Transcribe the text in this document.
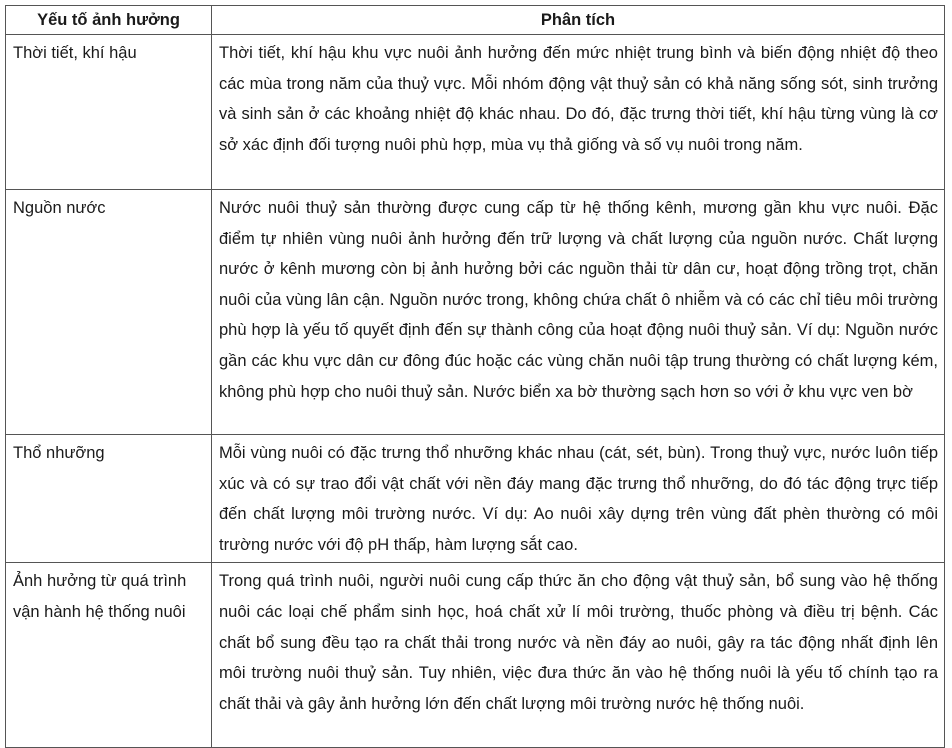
Yếu tố ảnh hưởng	Phân tích
Thời tiết, khí hậu	Thời tiết, khí hậu khu vực nuôi ảnh hưởng đến mức nhiệt trung bình và biến động nhiệt độ theo các mùa trong năm của thuỷ vực. Mỗi nhóm động vật thuỷ sản có khả năng sống sót, sinh trưởng và sinh sản ở các khoảng nhiệt độ khác nhau. Do đó, đặc trưng thời tiết, khí hậu từng vùng là cơ sở xác định đối tượng nuôi phù hợp, mùa vụ thả giống và số vụ nuôi trong năm.
Nguồn nước	Nước nuôi thuỷ sản thường được cung cấp từ hệ thống kênh, mương gần khu vực nuôi. Đặc điểm tự nhiên vùng nuôi ảnh hưởng đến trữ lượng và chất lượng của nguồn nước. Chất lượng nước ở kênh mương còn bị ảnh hưởng bởi các nguồn thải từ dân cư, hoạt động trồng trọt, chăn nuôi của vùng lân cận. Nguồn nước trong, không chứa chất ô nhiễm và có các chỉ tiêu môi trường phù hợp là yếu tố quyết định đến sự thành công của hoạt động nuôi thuỷ sản. Ví dụ: Nguồn nước gần các khu vực dân cư đông đúc hoặc các vùng chăn nuôi tập trung thường có chất lượng kém, không phù hợp cho nuôi thuỷ sản. Nước biển xa bờ thường sạch hơn so với ở khu vực ven bờ
Thổ nhưỡng	Mỗi vùng nuôi có đặc trưng thổ nhưỡng khác nhau (cát, sét, bùn). Trong thuỷ vực, nước luôn tiếp xúc và có sự trao đổi vật chất với nền đáy mang đặc trưng thổ nhưỡng, do đó tác động trực tiếp đến chất lượng môi trường nước. Ví dụ: Ao nuôi xây dựng trên vùng đất phèn thường có môi trường nước với độ pH thấp, hàm lượng sắt cao.
Ảnh hưởng từ quá trình vận hành hệ thống nuôi	Trong quá trình nuôi, người nuôi cung cấp thức ăn cho động vật thuỷ sản, bổ sung vào hệ thống nuôi các loại chế phẩm sinh học, hoá chất xử lí môi trường, thuốc phòng và điều trị bệnh. Các chất bổ sung đều tạo ra chất thải trong nước và nền đáy ao nuôi, gây ra tác động nhất định lên môi trường nuôi thuỷ sản. Tuy nhiên, việc đưa thức ăn vào hệ thống nuôi là yếu tố chính tạo ra chất thải và gây ảnh hưởng lớn đến chất lượng môi trường nước hệ thống nuôi.
